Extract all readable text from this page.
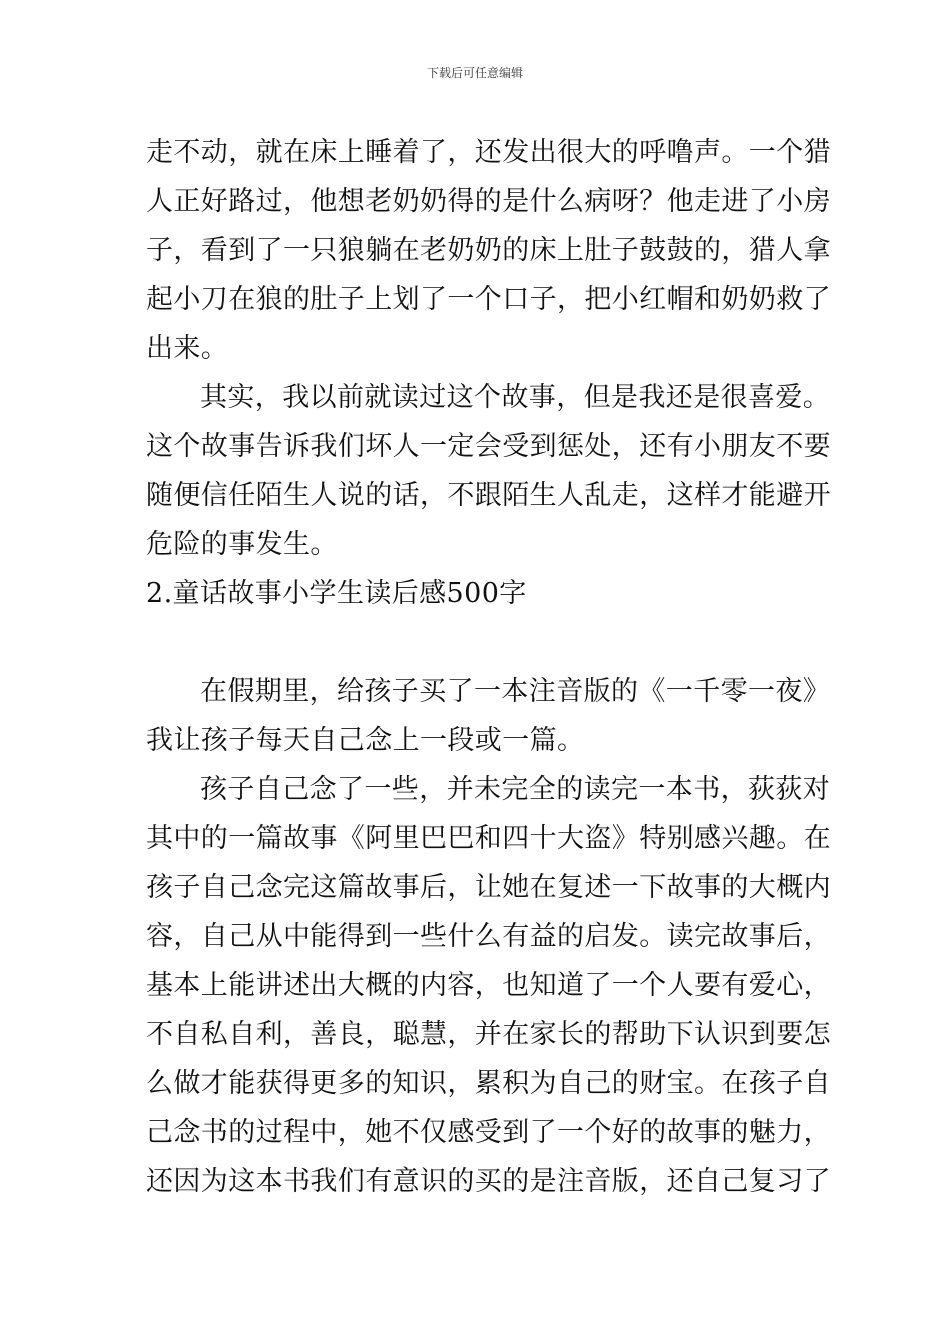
下载后可任意编辑
走不动，就在床上睡着了，还发出很大的呼噜声。一个猎
人正好路过，他想老奶奶得的是什么病呀？他走进了小房
子，看到了一只狼躺在老奶奶的床上肚子鼓鼓的，猎人拿
起小刀在狼的肚子上划了一个口子，把小红帽和奶奶救了
出来。
其实，我以前就读过这个故事，但是我还是很喜爱。
这个故事告诉我们坏人一定会受到惩处，还有小朋友不要
随便信任陌生人说的话，不跟陌生人乱走，这样才能避开
危险的事发生。
2.童话故事小学生读后感500字
在假期里，给孩子买了一本注音版的《一千零一夜》
我让孩子每天自己念上一段或一篇。
孩子自己念了一些，并未完全的读完一本书，荻荻对
其中的一篇故事《阿里巴巴和四十大盗》特别感兴趣。在
孩子自己念完这篇故事后，让她在复述一下故事的大概内
容，自己从中能得到一些什么有益的启发。读完故事后，
基本上能讲述出大概的内容，也知道了一个人要有爱心，
不自私自利，善良，聪慧，并在家长的帮助下认识到要怎
么做才能获得更多的知识，累积为自己的财宝。在孩子自
己念书的过程中，她不仅感受到了一个好的故事的魅力，
还因为这本书我们有意识的买的是注音版，还自己复习了
